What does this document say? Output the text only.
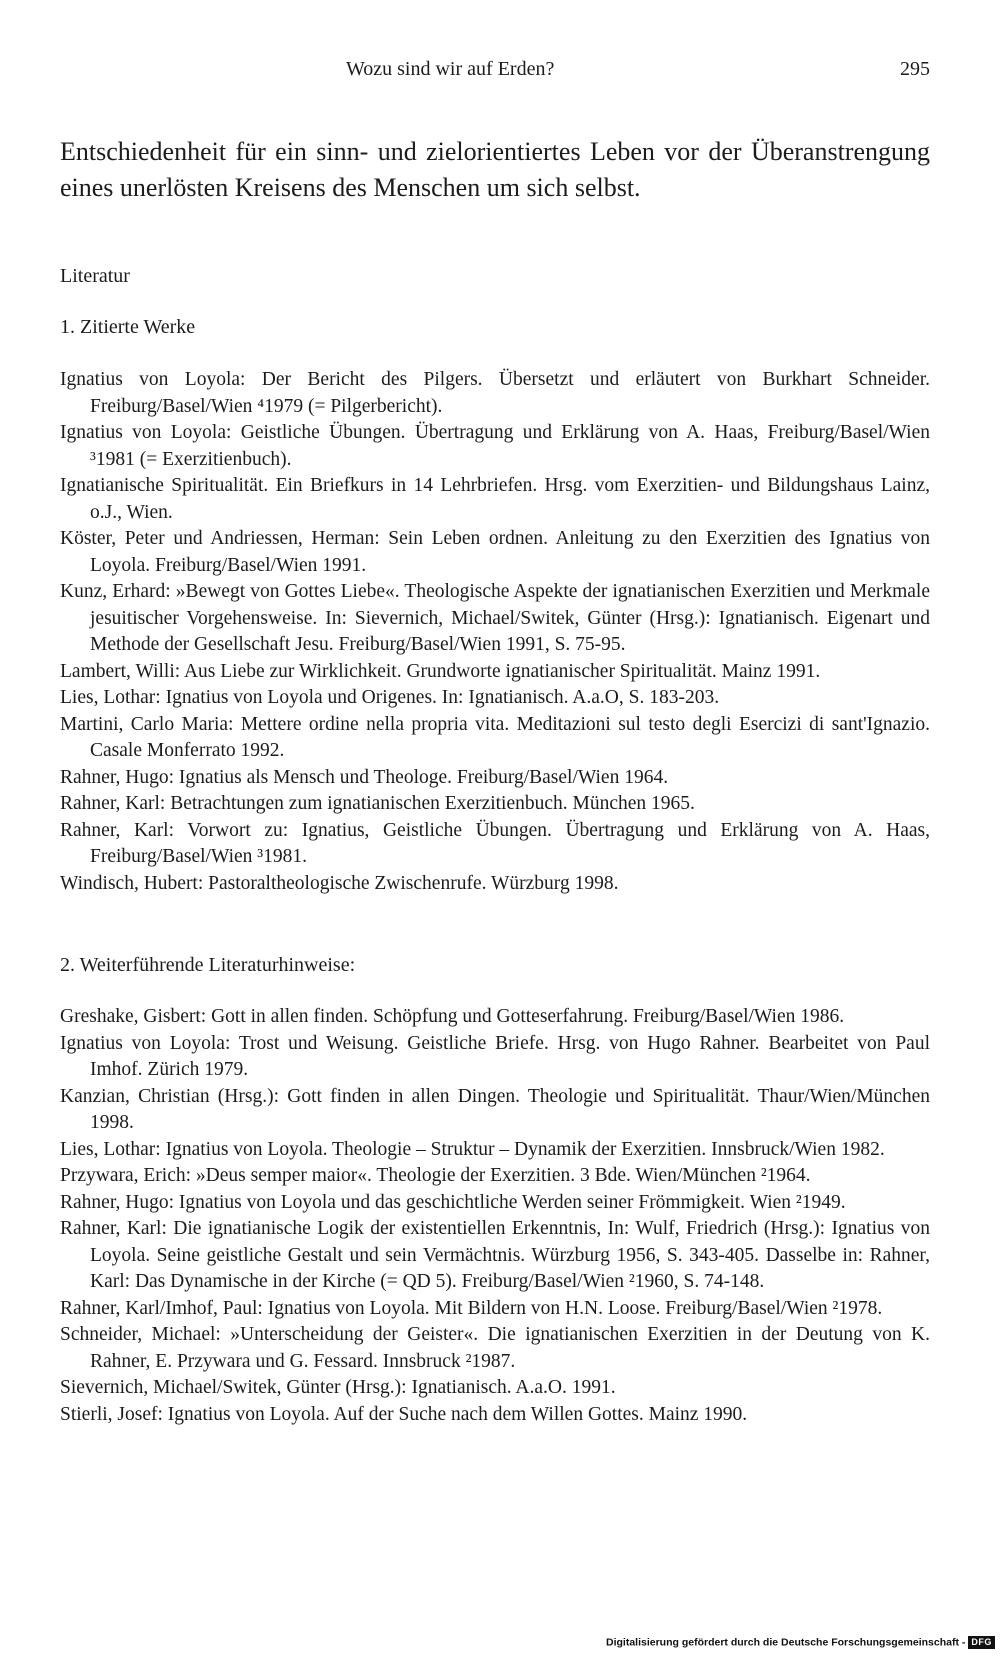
Wozu sind wir auf Erden?	295
Entschiedenheit für ein sinn- und zielorientiertes Leben vor der Überanstrengung eines unerlösten Kreisens des Menschen um sich selbst.
Literatur
1. Zitierte Werke
Ignatius von Loyola: Der Bericht des Pilgers. Übersetzt und erläutert von Burkhart Schneider. Freiburg/Basel/Wien ⁴1979 (= Pilgerbericht).
Ignatius von Loyola: Geistliche Übungen. Übertragung und Erklärung von A. Haas, Freiburg/Basel/Wien ³1981 (= Exerzitienbuch).
Ignatianische Spiritualität. Ein Briefkurs in 14 Lehrbriefen. Hrsg. vom Exerzitien- und Bildungshaus Lainz, o.J., Wien.
Köster, Peter und Andriessen, Herman: Sein Leben ordnen. Anleitung zu den Exerzitien des Ignatius von Loyola. Freiburg/Basel/Wien 1991.
Kunz, Erhard: »Bewegt von Gottes Liebe«. Theologische Aspekte der ignatianischen Exerzitien und Merkmale jesuitischer Vorgehensweise. In: Sievernich, Michael/Switek, Günter (Hrsg.): Ignatianisch. Eigenart und Methode der Gesellschaft Jesu. Freiburg/Basel/Wien 1991, S. 75-95.
Lambert, Willi: Aus Liebe zur Wirklichkeit. Grundworte ignatianischer Spiritualität. Mainz 1991.
Lies, Lothar: Ignatius von Loyola und Origenes. In: Ignatianisch. A.a.O, S. 183-203.
Martini, Carlo Maria: Mettere ordine nella propria vita. Meditazioni sul testo degli Esercizi di sant'Ignazio. Casale Monferrato 1992.
Rahner, Hugo: Ignatius als Mensch und Theologe. Freiburg/Basel/Wien 1964.
Rahner, Karl: Betrachtungen zum ignatianischen Exerzitienbuch. München 1965.
Rahner, Karl: Vorwort zu: Ignatius, Geistliche Übungen. Übertragung und Erklärung von A. Haas, Freiburg/Basel/Wien ³1981.
Windisch, Hubert: Pastoraltheologische Zwischenrufe. Würzburg 1998.
2. Weiterführende Literaturhinweise:
Greshake, Gisbert: Gott in allen finden. Schöpfung und Gotteserfahrung. Freiburg/Basel/Wien 1986.
Ignatius von Loyola: Trost und Weisung. Geistliche Briefe. Hrsg. von Hugo Rahner. Bearbeitet von Paul Imhof. Zürich 1979.
Kanzian, Christian (Hrsg.): Gott finden in allen Dingen. Theologie und Spiritualität. Thaur/Wien/München 1998.
Lies, Lothar: Ignatius von Loyola. Theologie – Struktur – Dynamik der Exerzitien. Innsbruck/Wien 1982.
Przywara, Erich: »Deus semper maior«. Theologie der Exerzitien. 3 Bde. Wien/München ²1964.
Rahner, Hugo: Ignatius von Loyola und das geschichtliche Werden seiner Frömmigkeit. Wien ²1949.
Rahner, Karl: Die ignatianische Logik der existentiellen Erkenntnis, In: Wulf, Friedrich (Hrsg.): Ignatius von Loyola. Seine geistliche Gestalt und sein Vermächtnis. Würzburg 1956, S. 343-405. Dasselbe in: Rahner, Karl: Das Dynamische in der Kirche (= QD 5). Freiburg/Basel/Wien ²1960, S. 74-148.
Rahner, Karl/Imhof, Paul: Ignatius von Loyola. Mit Bildern von H.N. Loose. Freiburg/Basel/Wien ²1978.
Schneider, Michael: »Unterscheidung der Geister«. Die ignatianischen Exerzitien in der Deutung von K. Rahner, E. Przywara und G. Fessard. Innsbruck ²1987.
Sievernich, Michael/Switek, Günter (Hrsg.): Ignatianisch. A.a.O. 1991.
Stierli, Josef: Ignatius von Loyola. Auf der Suche nach dem Willen Gottes. Mainz 1990.
Digitalisierung gefördert durch die Deutsche Forschungsgemeinschaft - DFG
